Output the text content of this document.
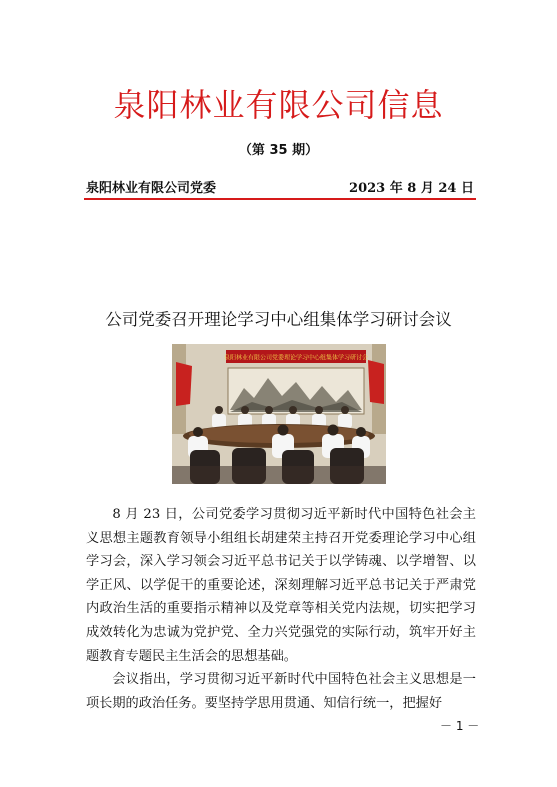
泉阳林业有限公司信息
（第 35 期）
泉阳林业有限公司党委	2023 年 8 月 24 日
公司党委召开理论学习中心组集体学习研讨会议
泉阳林业有限公司党委理论学习中心组集体学习研讨会

8 月 23 日，公司党委学习贯彻习近平新时代中国特色社会主义思想主题教育领导小组组长胡建荣主持召开党委理论学习中心组学习会，深入学习领会习近平总书记关于以学铸魂、以学增智、以学正风、以学促干的重要论述，深刻理解习近平总书记关于严肃党内政治生活的重要指示精神以及党章等相关党内法规，切实把学习成效转化为忠诚为党护党、全力兴党强党的实际行动，筑牢开好主题教育专题民主生活会的思想基础。

会议指出，学习贯彻习近平新时代中国特色社会主义思想是一项长期的政治任务。要坚持学思用贯通、知信行统一，把握好

－ 1 －
